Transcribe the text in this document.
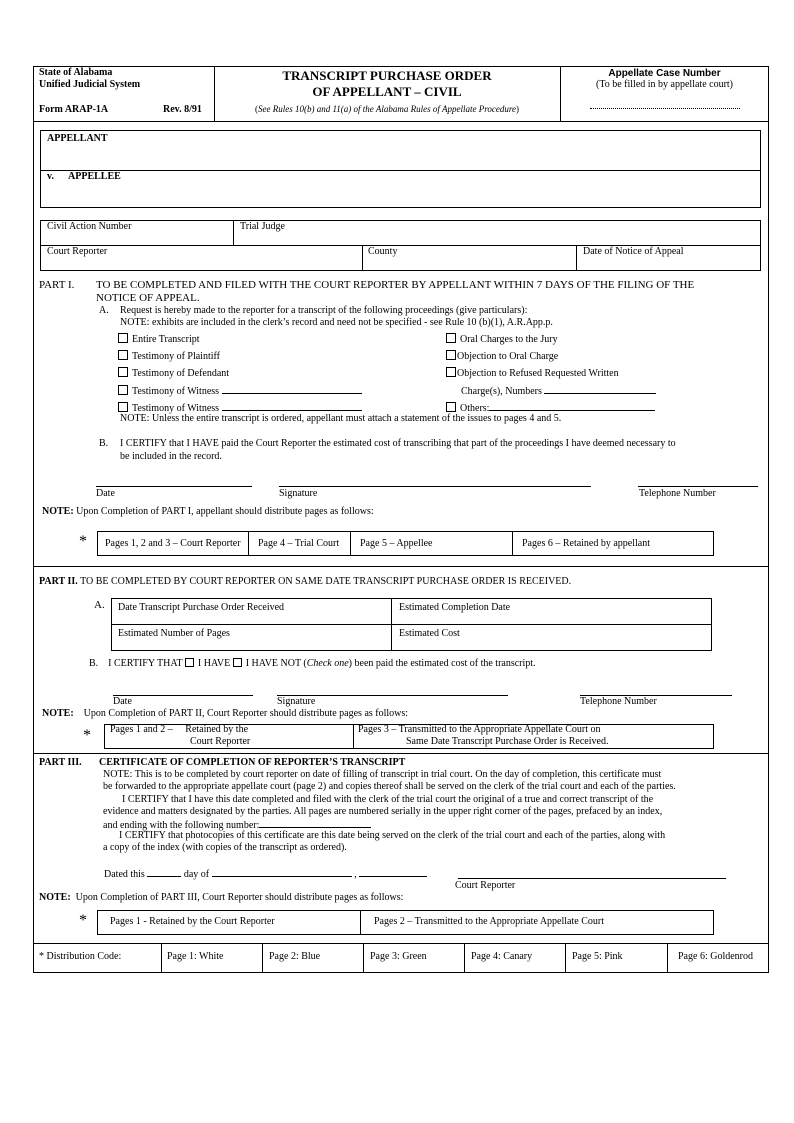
State of Alabama
Unified Judicial System
Form ARAP-1A	Rev. 8/91
TRANSCRIPT PURCHASE ORDER
OF APPELLANT – CIVIL
(See Rules 10(b) and 11(a) of the Alabama Rules of Appellate Procedure)
Appellate Case Number
(To be filled in by appellate court)
APPELLANT
v. APPELLEE
Civil Action Number	Trial Judge
Court Reporter	County	Date of Notice of Appeal
PART I. TO BE COMPLETED AND FILED WITH THE COURT REPORTER BY APPELLANT WITHIN 7 DAYS OF THE FILING OF THE
NOTICE OF APPEAL.
A. Request is hereby made to the reporter for a transcript of the following proceedings (give particulars):
NOTE: exhibits are included in the clerk’s record and need not be specified - see Rule 10 (b)(1), A.R.App.p.
Entire Transcript
Testimony of Plaintiff
Testimony of Defendant
Testimony of Witness
Testimony of Witness
Oral Charges to the Jury
Objection to Oral Charge
Objection to Refused Requested Written
Charge(s), Numbers
Others:
NOTE: Unless the entire transcript is ordered, appellant must attach a statement of the issues to pages 4 and 5.
B. I CERTIFY that I HAVE paid the Court Reporter the estimated cost of transcribing that part of the proceedings I have deemed necessary to
be included in the record.
Date	Signature	Telephone Number
NOTE: Upon Completion of PART I, appellant should distribute pages as follows:
* Pages 1, 2 and 3 – Court Reporter Page 4 – Trial Court Page 5 – Appellee	Pages 6 – Retained by appellant
PART II. TO BE COMPLETED BY COURT REPORTER ON SAME DATE TRANSCRIPT PURCHASE ORDER IS RECEIVED.
A. Date Transcript Purchase Order Received	Estimated Completion Date
Estimated Number of Pages	Estimated Cost
B. I CERTIFY THAT I HAVE I HAVE NOT (Check one) been paid the estimated cost of the transcript.
Date	Signature	Telephone Number
NOTE: Upon Completion of PART II, Court Reporter should distribute pages as follows:
* Pages 1 and 2 –     Retained by the
Court Reporter
Pages 3 – Transmitted to the Appropriate Appellate Court on
Same Date Transcript Purchase Order is Received.
PART III. CERTIFICATE OF COMPLETION OF REPORTER’S TRANSCRIPT
NOTE: This is to be completed by court reporter on date of filling of transcript in trial court. On the day of completion, this certificate must
be forwarded to the appropriate appellate court (page 2) and copies thereof shall be served on the clerk of the trial court and each of the parties.
I CERTIFY that I have this date completed and filed with the clerk of the trial court the original of a true and correct transcript of the
evidence and matters designated by the parties. All pages are numbered serially in the upper right corner of the pages, prefaced by an index,
and ending with the following number:
I CERTIFY that photocopies of this certificate are this date being served on the clerk of the trial court and each of the parties, along with
a copy of the index (with copies of the transcript as ordered).
Dated this	day of	,
Court Reporter
NOTE: Upon Completion of PART III, Court Reporter should distribute pages as follows:
* Pages 1 - Retained by the Court Reporter	Pages 2 – Transmitted to the Appropriate Appellate Court
* Distribution Code:	Page 1: White	Page 2: Blue	Page 3: Green	Page 4: Canary	Page 5: Pink	Page 6: Goldenrod
